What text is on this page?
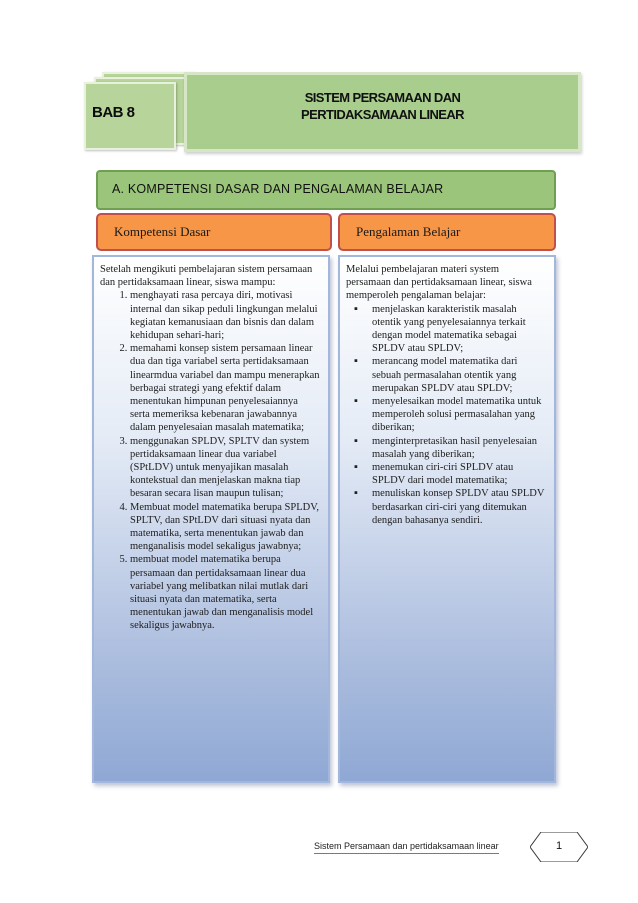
BAB 8
SISTEM PERSAMAAN DAN
PERTIDAKSAMAAN LINEAR
A. KOMPETENSI DASAR DAN PENGALAMAN BELAJAR
Kompetensi Dasar	Pengalaman Belajar

Setelah mengikuti pembelajaran sistem persamaan dan pertidaksamaan linear, siswa mampu:

1. menghayati rasa percaya diri, motivasi internal dan sikap peduli lingkungan melalui kegiatan kemanusiaan dan bisnis dan dalam kehidupan sehari-hari;
2. memahami konsep sistem persamaan linear dua dan tiga variabel serta pertidaksamaan linearmdua variabel dan mampu menerapkan berbagai strategi yang efektif dalam menentukan himpunan penyelesaiannya serta memeriksa kebenaran jawabannya dalam penyelesaian masalah matematika;
3. menggunakan SPLDV, SPLTV dan system pertidaksamaan linear dua variabel (SPtLDV) untuk menyajikan masalah kontekstual dan menjelaskan makna tiap besaran secara lisan maupun tulisan;
4. Membuat model matematika berupa SPLDV, SPLTV, dan SPtLDV dari situasi nyata dan matematika, serta menentukan jawab dan menganalisis model sekaligus jawabnya;
5. membuat model matematika berupa persamaan dan pertidaksamaan linear dua variabel yang melibatkan nilai mutlak dari situasi nyata dan matematika, serta menentukan jawab dan menganalisis model sekaligus jawabnya.

Melalui pembelajaran materi system persamaan dan pertidaksamaan linear, siswa memperoleh pengalaman belajar:

▪ menjelaskan karakteristik masalah otentik yang penyelesaiannya terkait dengan model matematika sebagai SPLDV atau SPLDV;
▪ merancang model matematika dari sebuah permasalahan otentik yang merupakan SPLDV atau SPLDV;
▪ menyelesaikan model matematika untuk memperoleh solusi permasalahan yang diberikan;
▪ menginterpretasikan hasil penyelesaian masalah yang diberikan;
▪ menemukan ciri-ciri SPLDV atau SPLDV dari model matematika;
▪ menuliskan konsep SPLDV atau SPLDV berdasarkan ciri-ciri yang ditemukan dengan bahasanya sendiri.
Sistem Persamaan dan pertidaksamaan linear	1
